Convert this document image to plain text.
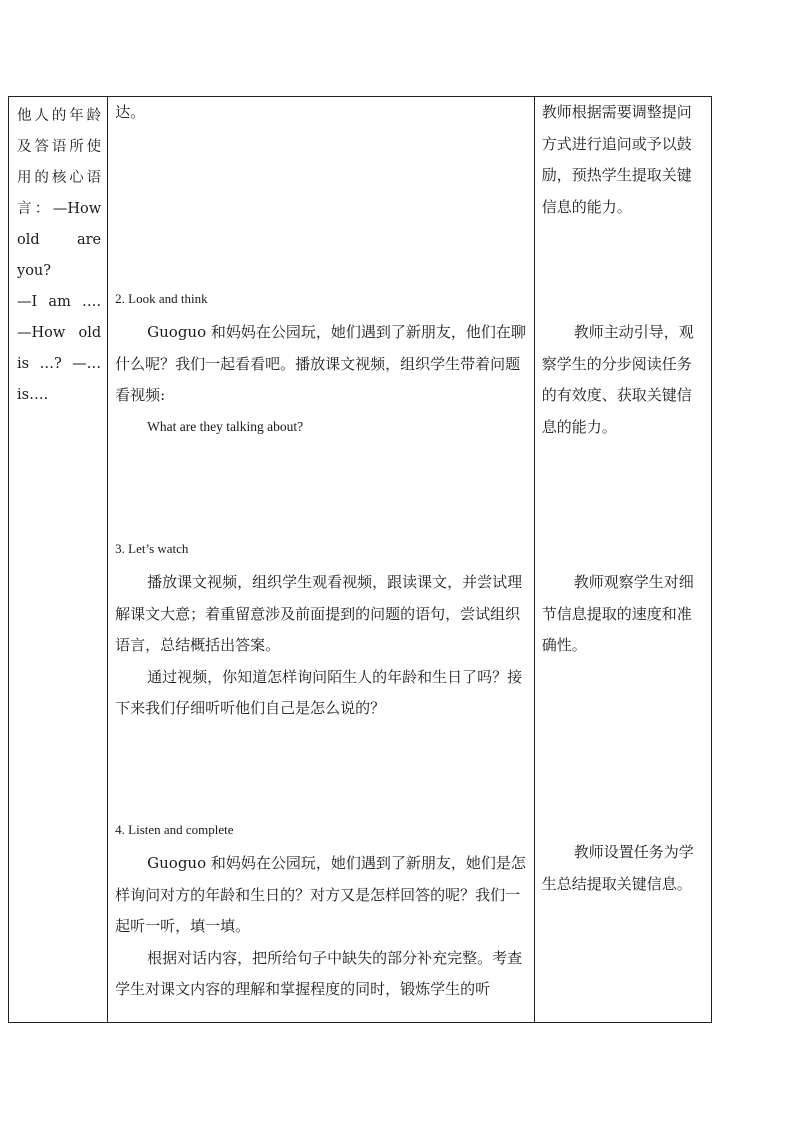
他人的年龄
及答语所使
用的核心语
言：—How
old are you?
—I am ….
—How old
is …? —…
is….

达。
2. Look and think
Guoguo 和妈妈在公园玩，她们遇到了新朋友，他们在聊什么呢？我们一起看看吧。播放课文视频，组织学生带着问题看视频:
What are they talking about?
3. Let’s watch
播放课文视频，组织学生观看视频，跟读课文，并尝试理解课文大意；着重留意涉及前面提到的问题的语句，尝试组织语言，总结概括出答案。
通过视频，你知道怎样询问陌生人的年龄和生日了吗？接下来我们仔细听听他们自己是怎么说的？
4. Listen and complete
Guoguo 和妈妈在公园玩，她们遇到了新朋友，她们是怎样询问对方的年龄和生日的？对方又是怎样回答的呢？我们一起听一听，填一填。
根据对话内容，把所给句子中缺失的部分补充完整。考查学生对课文内容的理解和掌握程度的同时，锻炼学生的听

教师根据需要调整提问方式进行追问或予以鼓励，预热学生提取关键信息的能力。
教师主动引导，观察学生的分步阅读任务的有效度、获取关键信息的能力。
教师观察学生对细节信息提取的速度和准确性。
教师设置任务为学生总结提取关键信息。
